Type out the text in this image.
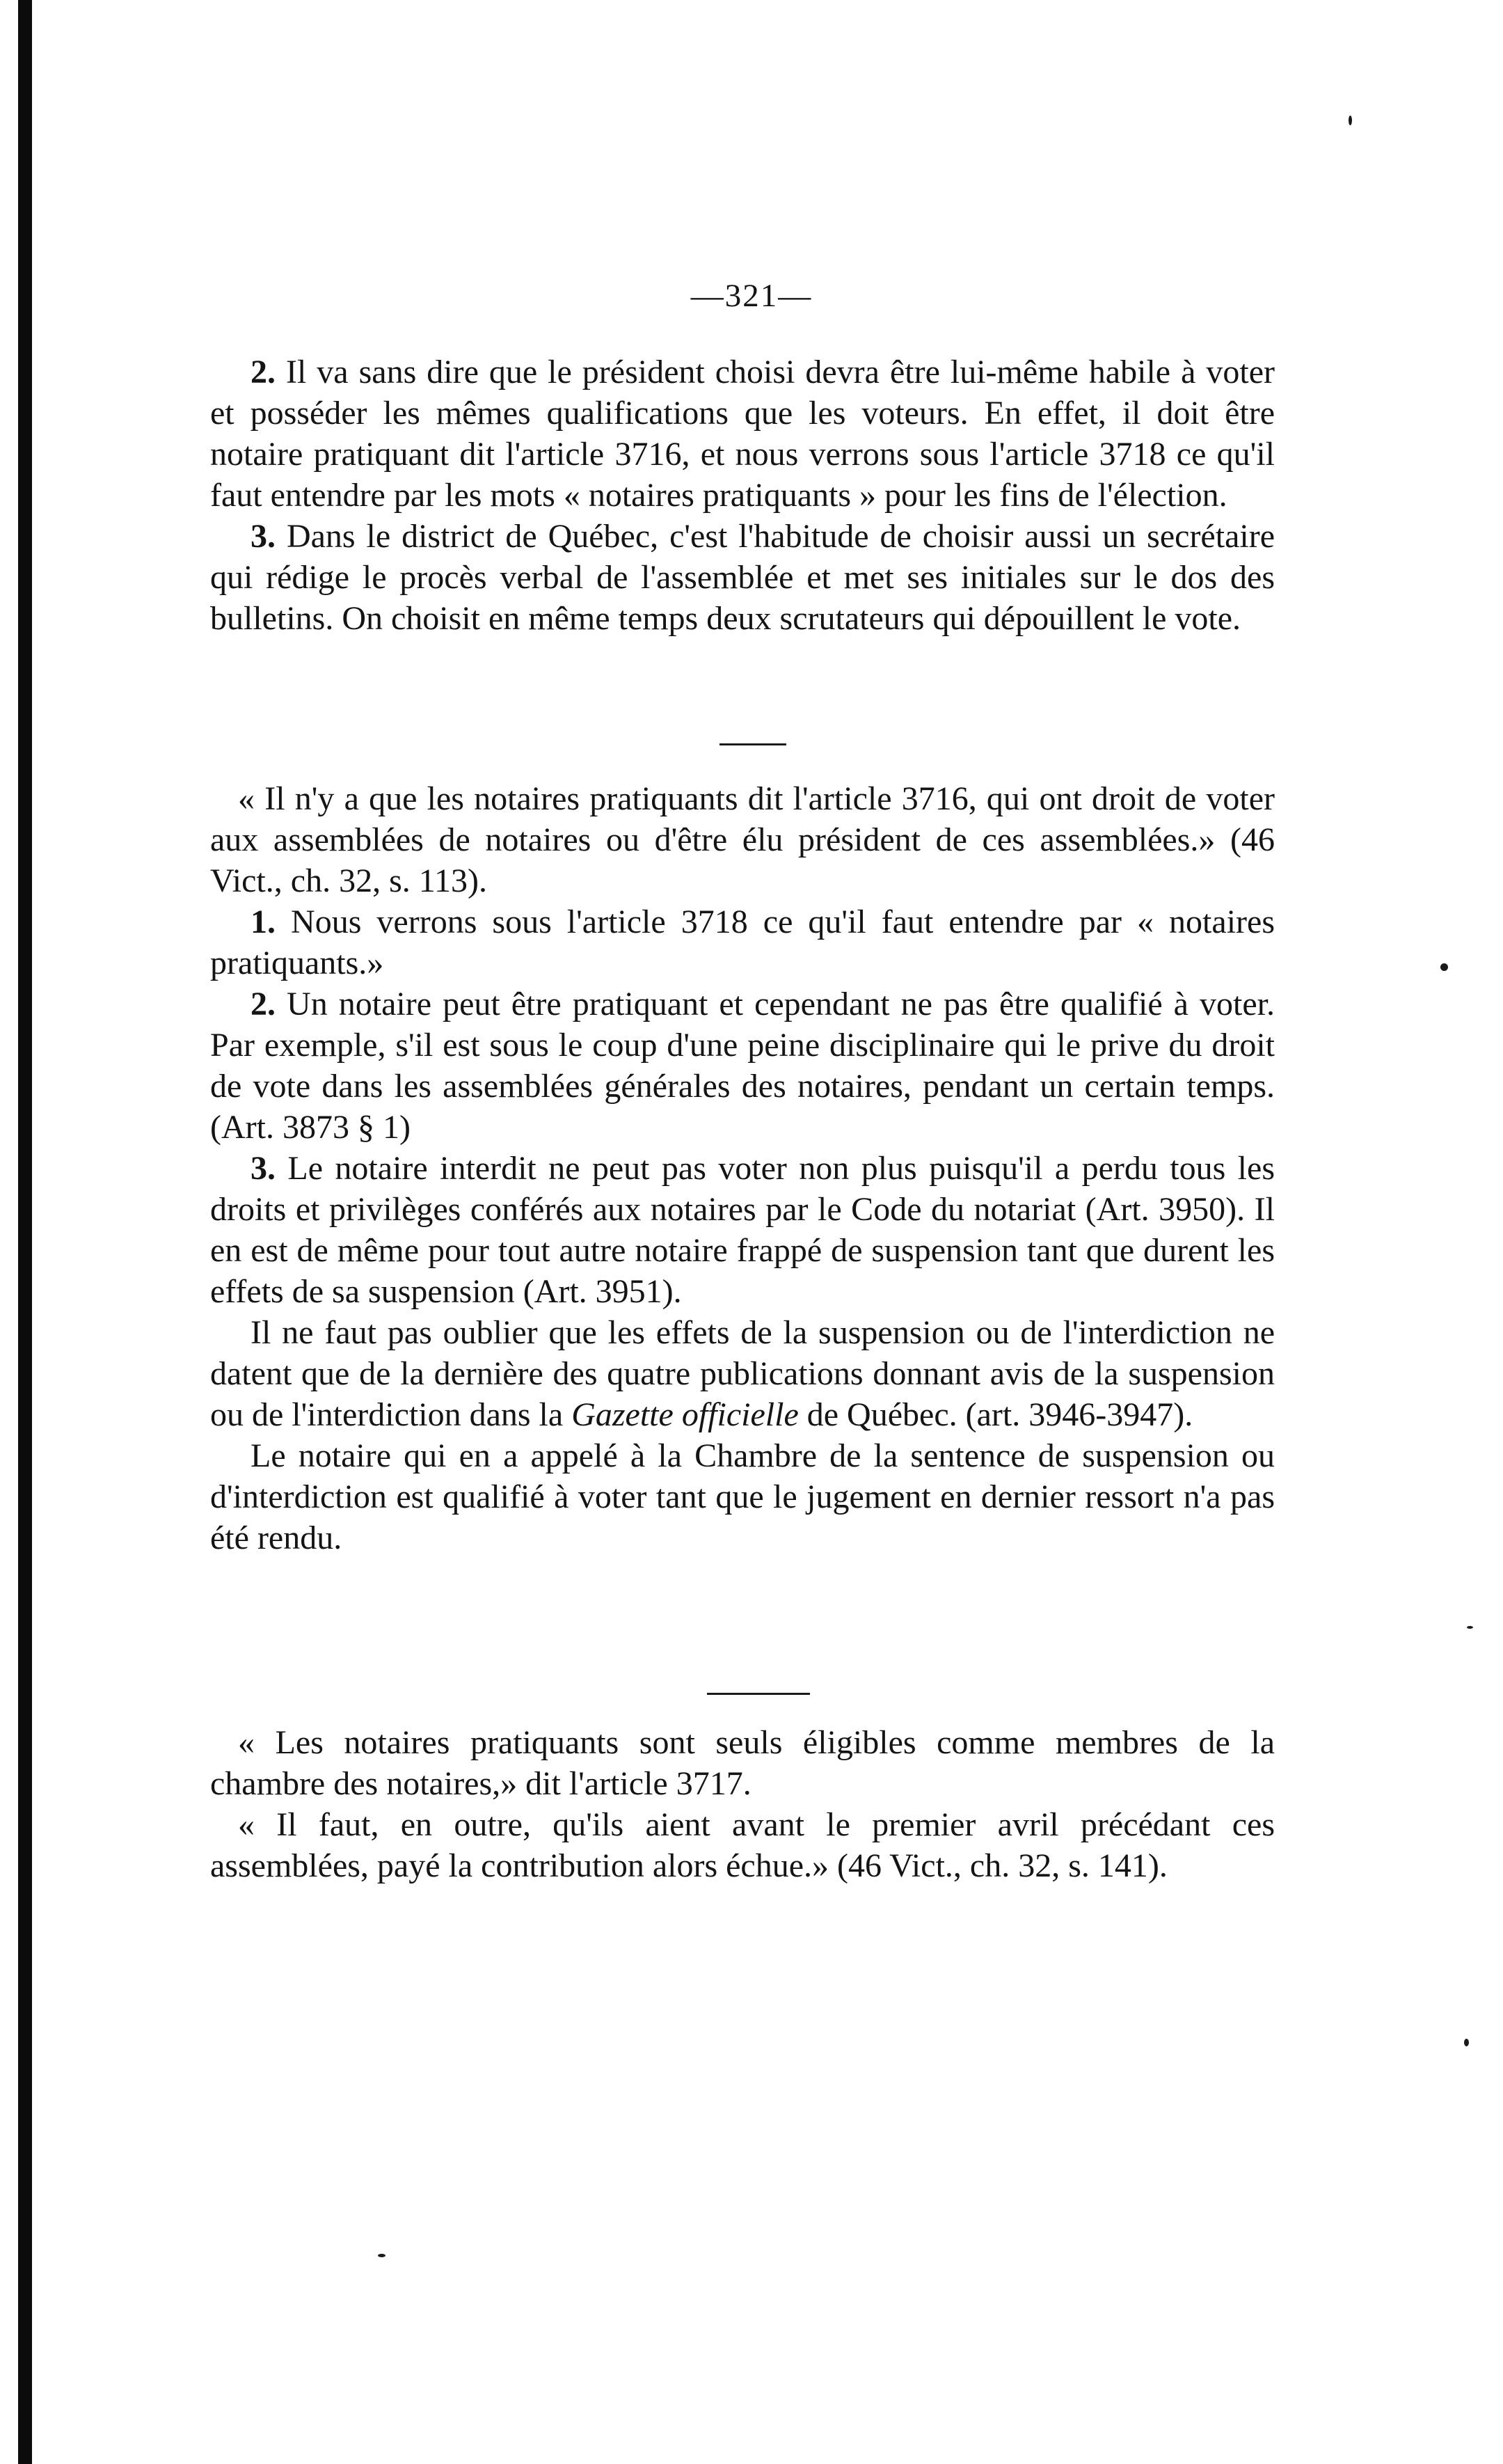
—321—

2. Il va sans dire que le président choisi devra être lui-même habile à voter et posséder les mêmes qualifications que les voteurs. En effet, il doit être notaire pratiquant dit l'article 3716, et nous verrons sous l'article 3718 ce qu'il faut entendre par les mots « notaires pratiquants » pour les fins de l'élection.

3. Dans le district de Québec, c'est l'habitude de choisir aussi un secrétaire qui rédige le procès verbal de l'assemblée et met ses initiales sur le dos des bulletins. On choisit en même temps deux scrutateurs qui dépouillent le vote.

« Il n'y a que les notaires pratiquants dit l'article 3716, qui ont droit de voter aux assemblées de notaires ou d'être élu président de ces assemblées.» (46 Vict., ch. 32, s. 113).

1. Nous verrons sous l'article 3718 ce qu'il faut entendre par « notaires pratiquants.»

2. Un notaire peut être pratiquant et cependant ne pas être qualifié à voter. Par exemple, s'il est sous le coup d'une peine disciplinaire qui le prive du droit de vote dans les assemblées générales des notaires, pendant un certain temps. (Art. 3873 § 1)

3. Le notaire interdit ne peut pas voter non plus puisqu'il a perdu tous les droits et privilèges conférés aux notaires par le Code du notariat (Art. 3950). Il en est de même pour tout autre notaire frappé de suspension tant que durent les effets de sa suspension (Art. 3951).

Il ne faut pas oublier que les effets de la suspension ou de l'interdiction ne datent que de la dernière des quatre publications donnant avis de la suspension ou de l'interdiction dans la Gazette officielle de Québec. (art. 3946-3947).

Le notaire qui en a appelé à la Chambre de la sentence de suspension ou d'interdiction est qualifié à voter tant que le jugement en dernier ressort n'a pas été rendu.

« Les notaires pratiquants sont seuls éligibles comme membres de la chambre des notaires,» dit l'article 3717.

« Il faut, en outre, qu'ils aient avant le premier avril précédant ces assemblées, payé la contribution alors échue.» (46 Vict., ch. 32, s. 141).
